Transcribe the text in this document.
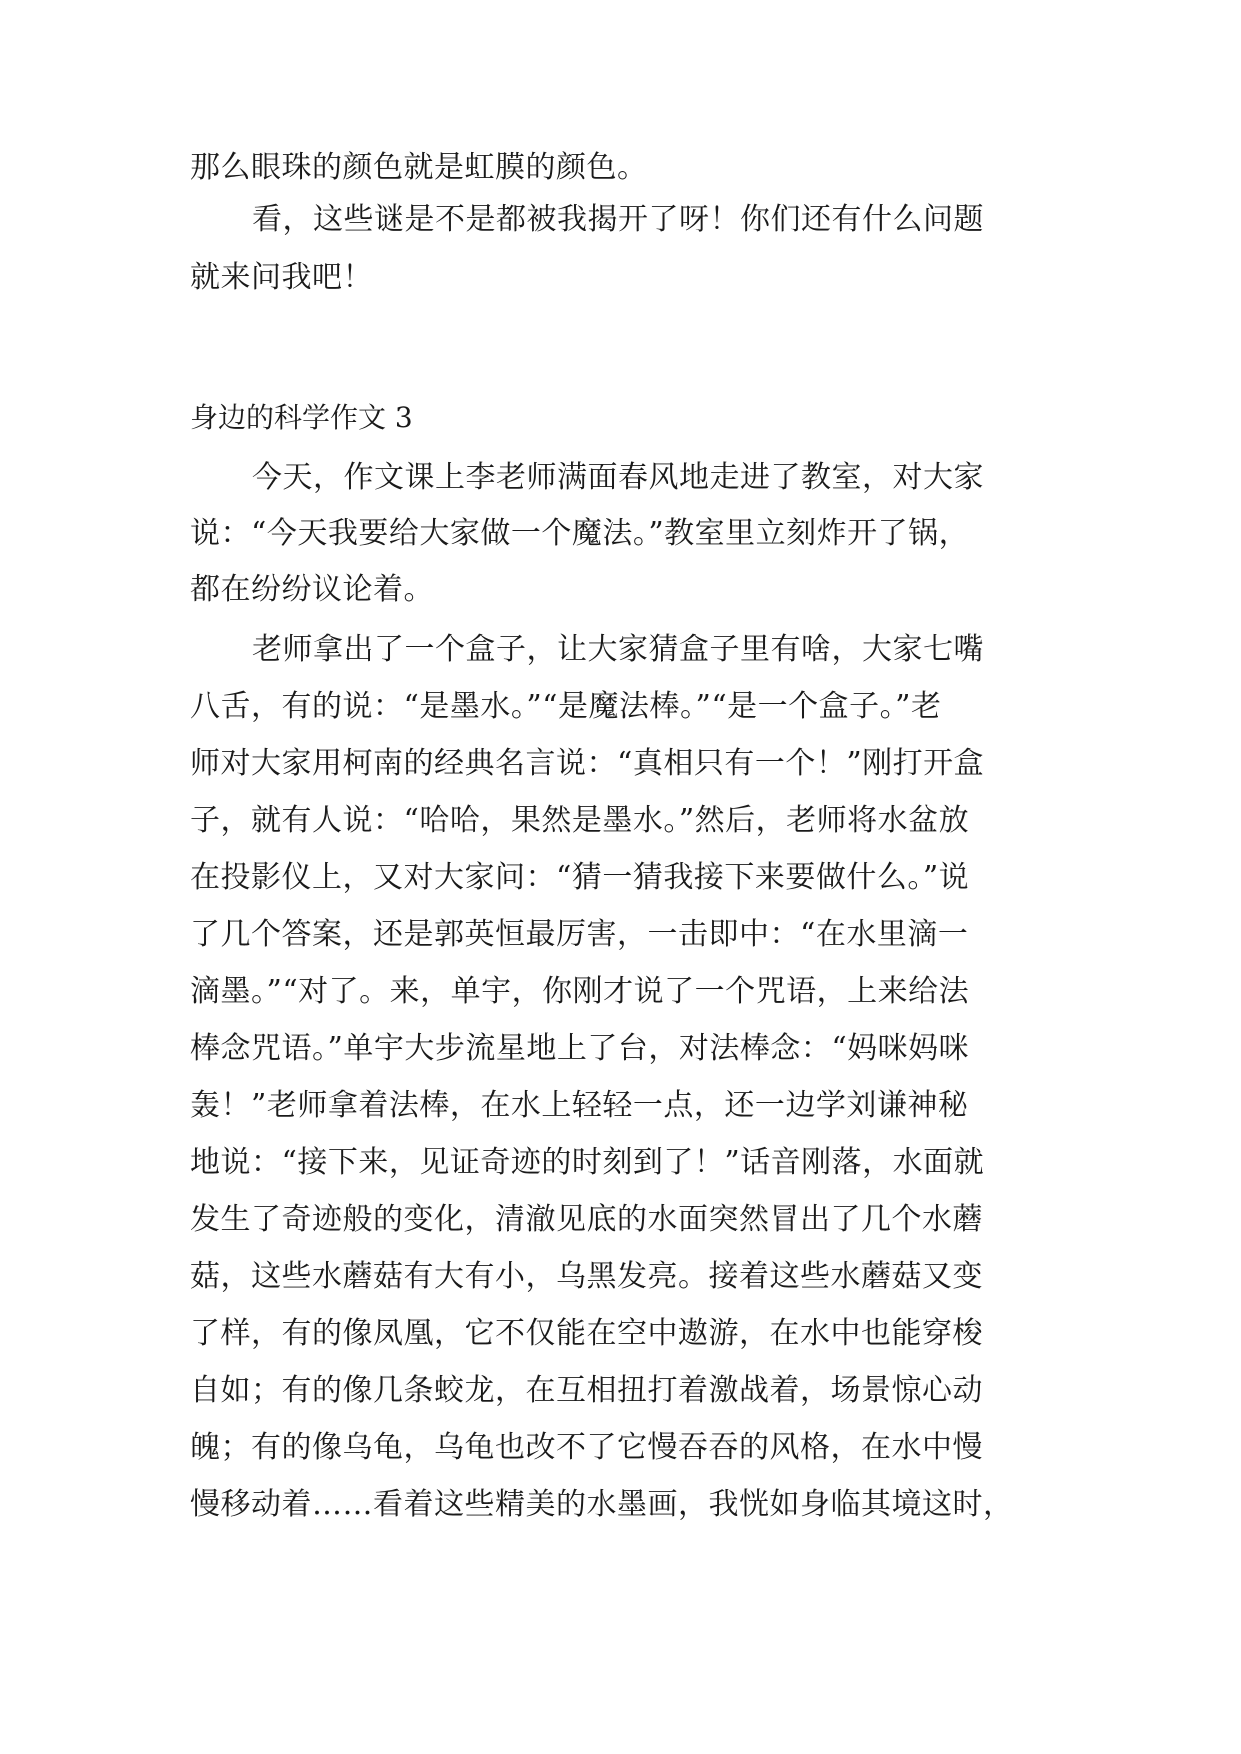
那么眼珠的颜色就是虹膜的颜色。
看，这些谜是不是都被我揭开了呀！你们还有什么问题
就来问我吧！
身边的科学作文 3
今天，作文课上李老师满面春风地走进了教室，对大家
说：“今天我要给大家做一个魔法。”教室里立刻炸开了锅，
都在纷纷议论着。
老师拿出了一个盒子，让大家猜盒子里有啥，大家七嘴
八舌，有的说：“是墨水。”“是魔法棒。”“是一个盒子。”老
师对大家用柯南的经典名言说：“真相只有一个！”刚打开盒
子，就有人说：“哈哈，果然是墨水。”然后，老师将水盆放
在投影仪上，又对大家问：“猜一猜我接下来要做什么。”说
了几个答案，还是郭英恒最厉害，一击即中：“在水里滴一
滴墨。”“对了。来，单宇，你刚才说了一个咒语，上来给法
棒念咒语。”单宇大步流星地上了台，对法棒念：“妈咪妈咪
轰！”老师拿着法棒，在水上轻轻一点，还一边学刘谦神秘
地说：“接下来，见证奇迹的时刻到了！”话音刚落，水面就
发生了奇迹般的变化，清澈见底的水面突然冒出了几个水蘑
菇，这些水蘑菇有大有小，乌黑发亮。接着这些水蘑菇又变
了样，有的像凤凰，它不仅能在空中遨游，在水中也能穿梭
自如；有的像几条蛟龙，在互相扭打着激战着，场景惊心动
魄；有的像乌龟，乌龟也改不了它慢吞吞的风格，在水中慢
慢移动着……看着这些精美的水墨画，我恍如身临其境这时，
